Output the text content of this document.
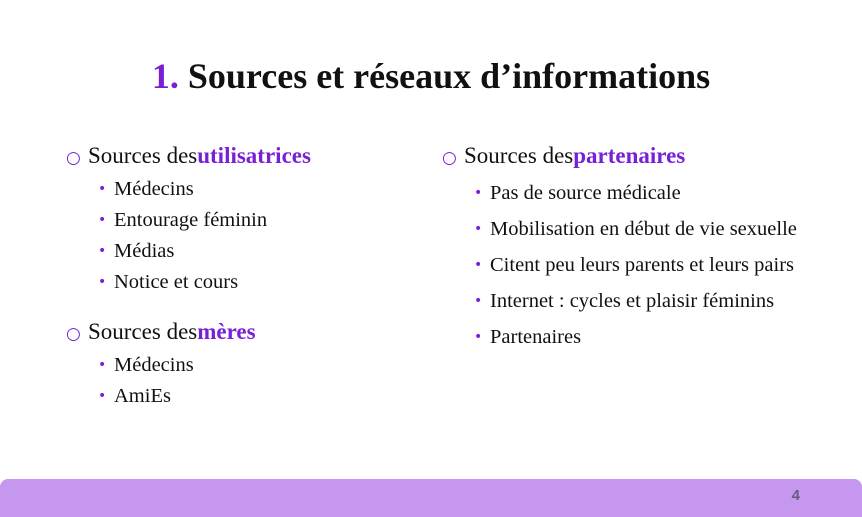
1. Sources et réseaux d’informations
○ Sources des utilisatrices
• Médecins
• Entourage féminin
• Médias
• Notice et cours
○ Sources des mères
• Médecins
• AmiEs
○ Sources des partenaires
• Pas de source médicale
• Mobilisation en début de vie sexuelle
• Citent peu leurs parents et leurs pairs
• Internet : cycles et plaisir féminins
• Partenaires
4
